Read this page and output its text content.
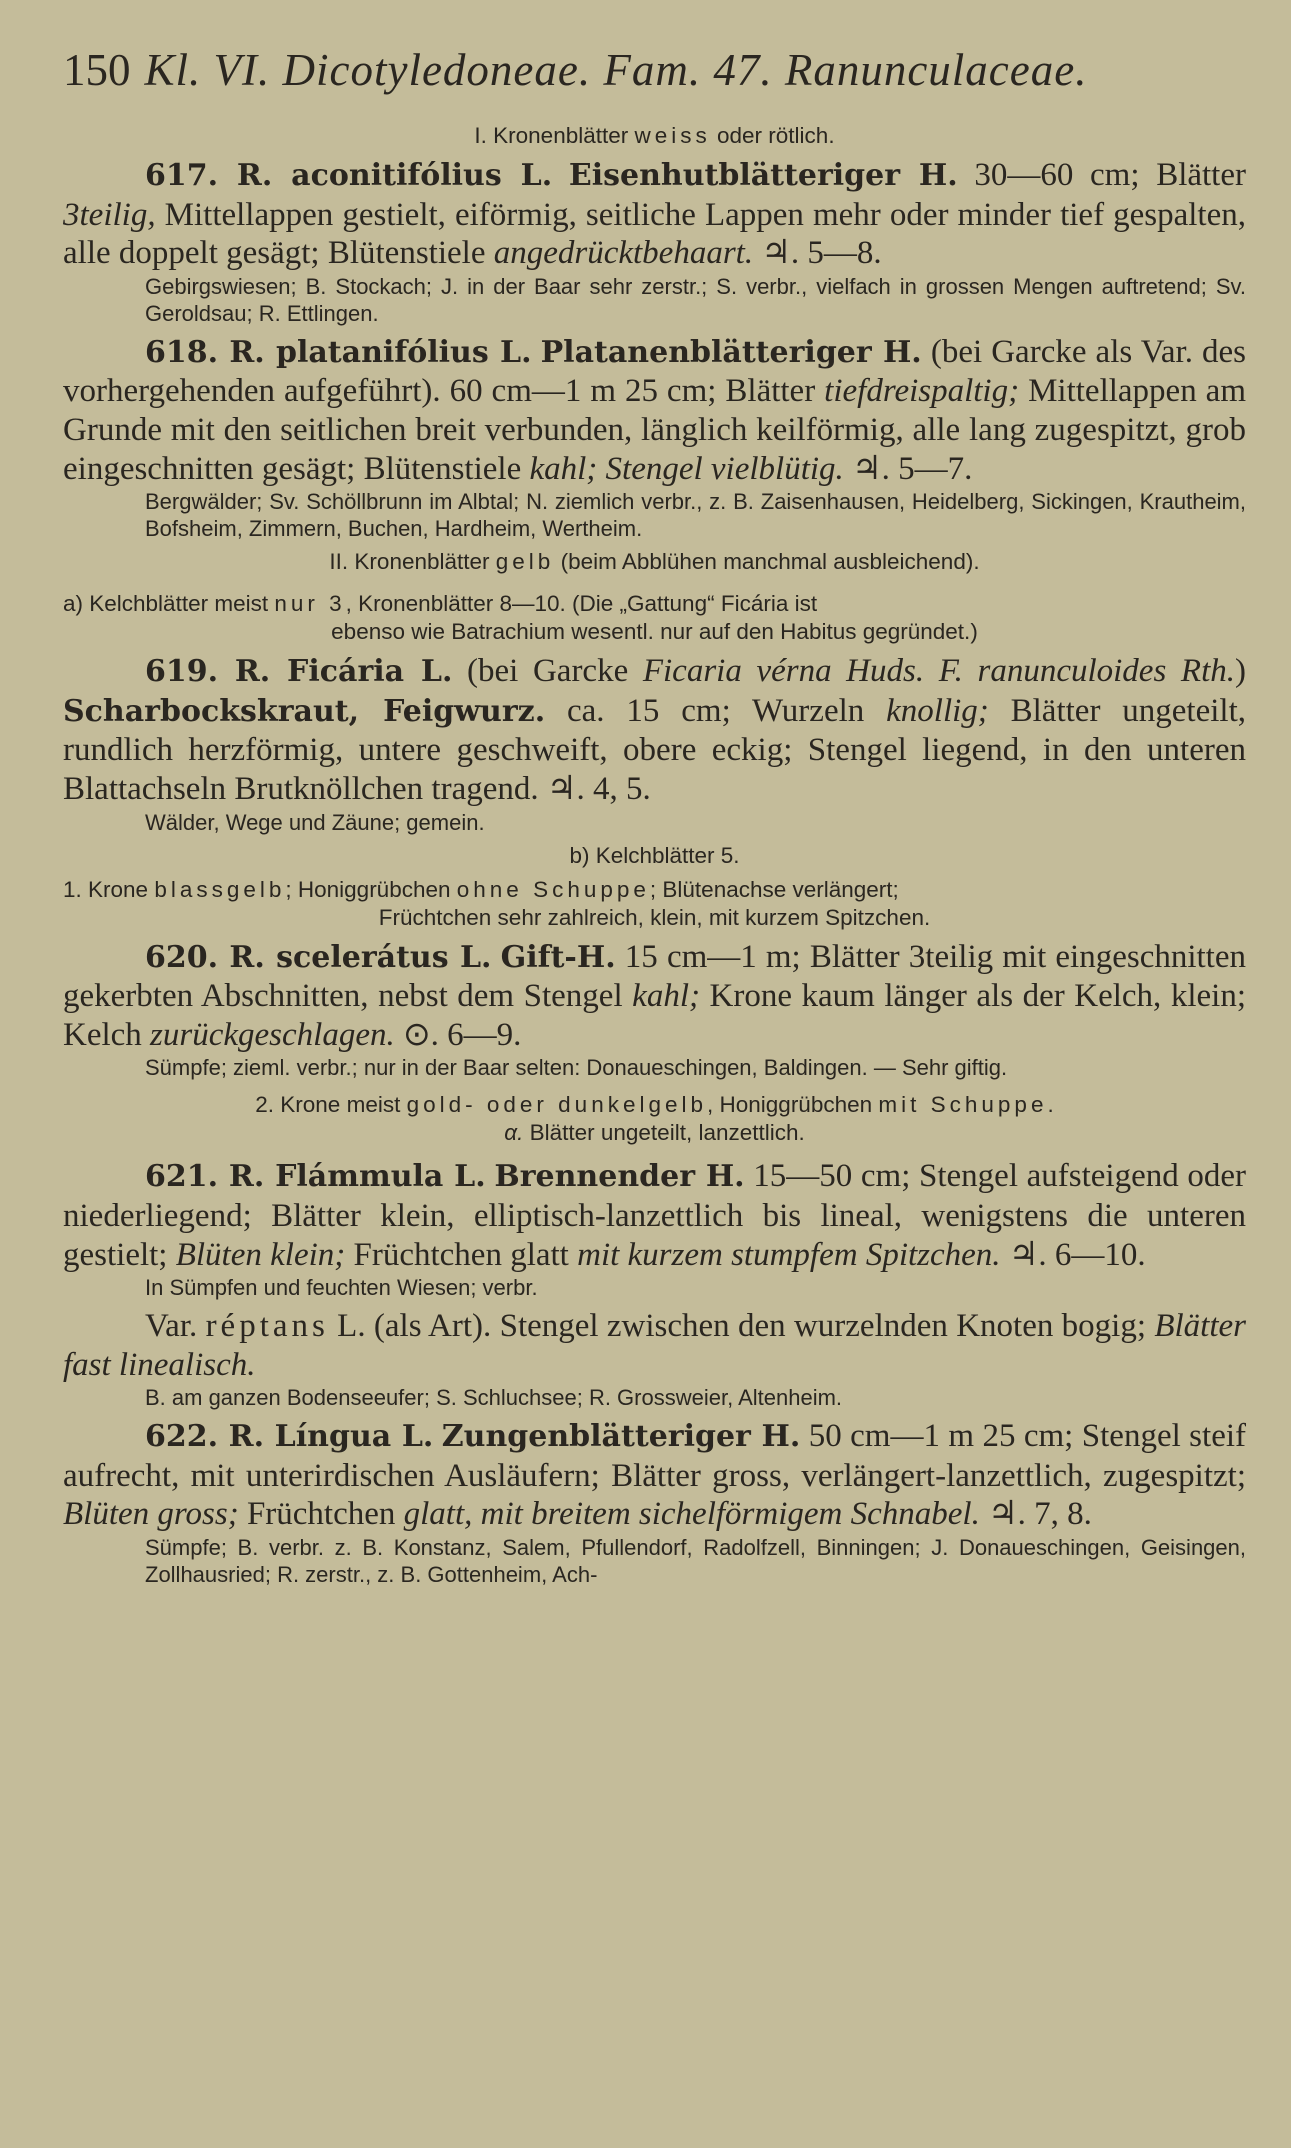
150 Kl. VI. Dicotyledoneae. Fam. 47. Ranunculaceae.

I. Kronenblätter weiss oder rötlich.

617. R. aconitifólius L. Eisenhutblätteriger H. 30—60 cm; Blätter 3teilig, Mittellappen gestielt, eiförmig, seitliche Lappen mehr oder minder tief gespalten, alle doppelt gesägt; Blütenstiele angedrücktbehaart. ♃. 5—8.

Gebirgswiesen; B. Stockach; J. in der Baar sehr zerstr.; S. verbr., vielfach in grossen Mengen auftretend; Sv. Geroldsau; R. Ettlingen.

618. R. platanifólius L. Platanenblätteriger H. (bei Garcke als Var. des vorhergehenden aufgeführt). 60 cm—1 m 25 cm; Blätter tiefdreispaltig; Mittellappen am Grunde mit den seitlichen breit verbunden, länglich keilförmig, alle lang zugespitzt, grob eingeschnitten gesägt; Blütenstiele kahl; Stengel vielblütig. ♃. 5—7.

Bergwälder; Sv. Schöllbrunn im Albtal; N. ziemlich verbr., z. B. Zaisenhausen, Heidelberg, Sickingen, Krautheim, Bofsheim, Zimmern, Buchen, Hardheim, Wertheim.

II. Kronenblätter gelb (beim Abblühen manchmal ausbleichend).

a) Kelchblätter meist nur 3, Kronenblätter 8—10. (Die „Gattung“ Ficária ist

ebenso wie Batrachium wesentl. nur auf den Habitus gegründet.)

619. R. Ficária L. (bei Garcke Ficaria vérna Huds. F. ranunculoides Rth.) Scharbockskraut, Feigwurz. ca. 15 cm; Wurzeln knollig; Blätter ungeteilt, rundlich herzförmig, untere geschweift, obere eckig; Stengel liegend, in den unteren Blattachseln Brutknöllchen tragend. ♃. 4, 5.

Wälder, Wege und Zäune; gemein.

b) Kelchblätter 5.

1. Krone blassgelb; Honiggrübchen ohne Schuppe; Blütenachse verlängert;

Früchtchen sehr zahlreich, klein, mit kurzem Spitzchen.

620. R. scelerátus L. Gift-H. 15 cm—1 m; Blätter 3teilig mit eingeschnitten gekerbten Abschnitten, nebst dem Stengel kahl; Krone kaum länger als der Kelch, klein; Kelch zurückgeschlagen. ⊙. 6—9.

Sümpfe; zieml. verbr.; nur in der Baar selten: Donaueschingen, Baldingen. — Sehr giftig.

2. Krone meist gold- oder dunkelgelb, Honiggrübchen mit Schuppe.

α. Blätter ungeteilt, lanzettlich.

621. R. Flámmula L. Brennender H. 15—50 cm; Stengel aufsteigend oder niederliegend; Blätter klein, elliptisch-lanzettlich bis lineal, wenigstens die unteren gestielt; Blüten klein; Früchtchen glatt mit kurzem stumpfem Spitzchen. ♃. 6—10.

In Sümpfen und feuchten Wiesen; verbr.

Var. réptans L. (als Art). Stengel zwischen den wurzelnden Knoten bogig; Blätter fast linealisch.

B. am ganzen Bodenseeufer; S. Schluchsee; R. Grossweier, Altenheim.

622. R. Língua L. Zungenblätteriger H. 50 cm—1 m 25 cm; Stengel steif aufrecht, mit unterirdischen Ausläufern; Blätter gross, verlängert-lanzettlich, zugespitzt; Blüten gross; Früchtchen glatt, mit breitem sichelförmigem Schnabel. ♃. 7, 8.

Sümpfe; B. verbr. z. B. Konstanz, Salem, Pfullendorf, Radolfzell, Binningen; J. Donaueschingen, Geisingen, Zollhausried; R. zerstr., z. B. Gottenheim, Ach-
